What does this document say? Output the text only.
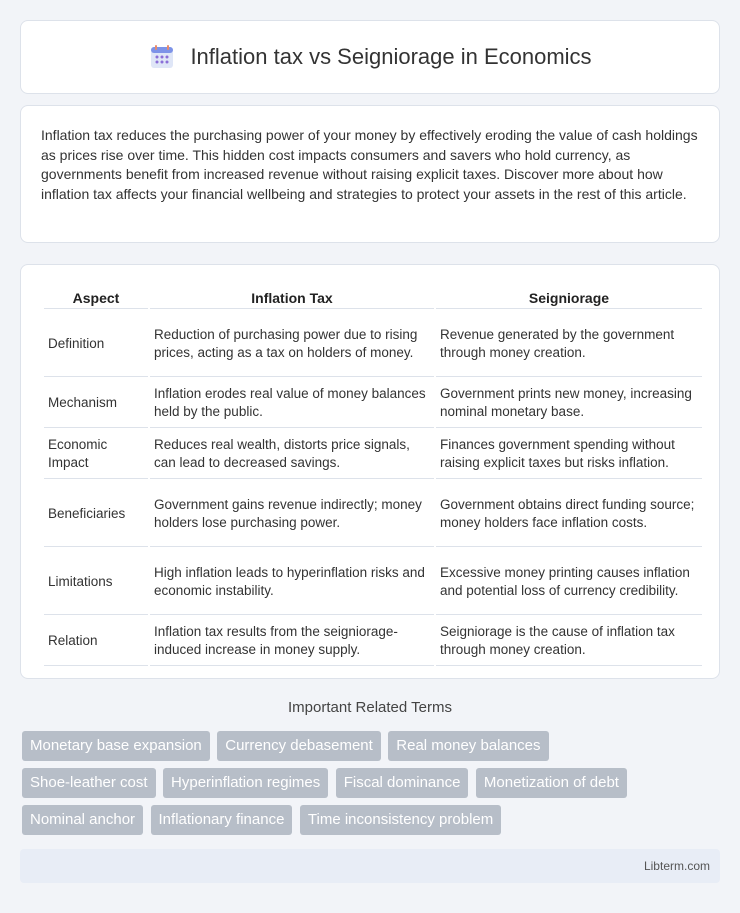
Inflation tax vs Seigniorage in Economics

Inflation tax reduces the purchasing power of your money by effectively eroding the value of cash holdings as prices rise over time. This hidden cost impacts consumers and savers who hold currency, as governments benefit from increased revenue without raising explicit taxes. Discover more about how inflation tax affects your financial wellbeing and strategies to protect your assets in the rest of this article.

Aspect	Inflation Tax	Seigniorage
Definition	Reduction of purchasing power due to rising prices, acting as a tax on holders of money.	Revenue generated by the government through money creation.
Mechanism	Inflation erodes real value of money balances held by the public.	Government prints new money, increasing nominal monetary base.
Economic Impact	Reduces real wealth, distorts price signals, can lead to decreased savings.	Finances government spending without raising explicit taxes but risks inflation.
Beneficiaries	Government gains revenue indirectly; money holders lose purchasing power.	Government obtains direct funding source; money holders face inflation costs.
Limitations	High inflation leads to hyperinflation risks and economic instability.	Excessive money printing causes inflation and potential loss of currency credibility.
Relation	Inflation tax results from the seigniorage-induced increase in money supply.	Seigniorage is the cause of inflation tax through money creation.
Important Related Terms
Monetary base expansion Currency debasement Real money balances
Shoe-leather cost Hyperinflation regimes Fiscal dominance Monetization of debt
Nominal anchor Inflationary finance Time inconsistency problem
Libterm.com
